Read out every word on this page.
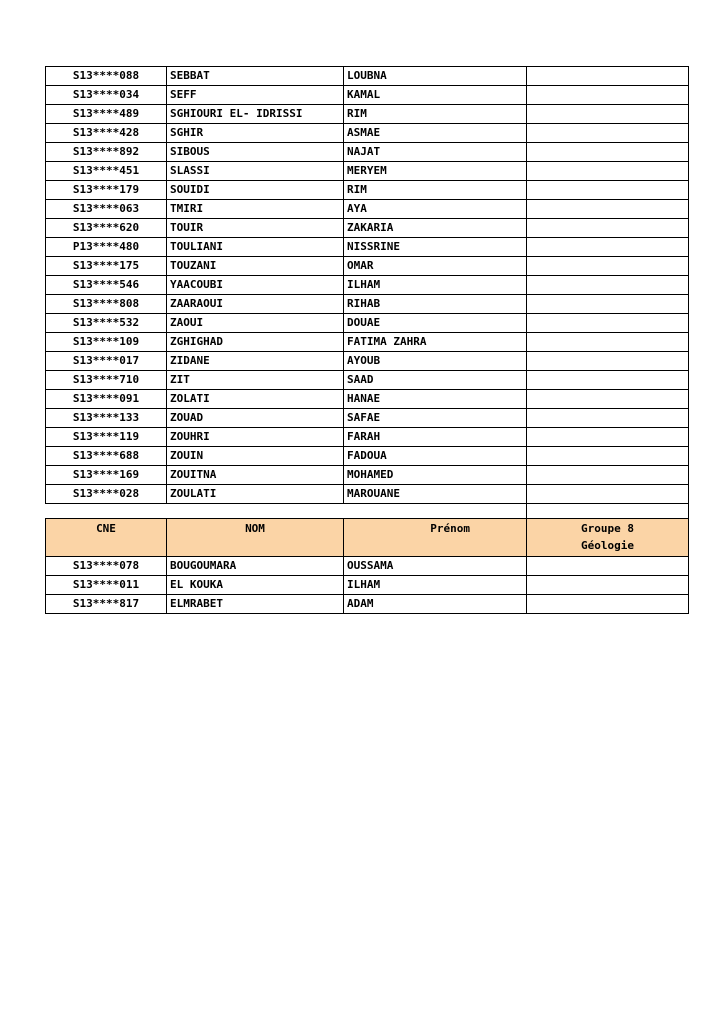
S13****088	SEBBAT	LOUBNA	
S13****034	SEFF	KAMAL	
S13****489	SGHIOURI EL- IDRISSI	RIM	
S13****428	SGHIR	ASMAE	
S13****892	SIBOUS	NAJAT	
S13****451	SLASSI	MERYEM	
S13****179	SOUIDI	RIM	
S13****063	TMIRI	AYA	
S13****620	TOUIR	ZAKARIA	
P13****480	TOULIANI	NISSRINE	
S13****175	TOUZANI	OMAR	
S13****546	YAACOUBI	ILHAM	
S13****808	ZAARAOUI	RIHAB	
S13****532	ZAOUI	DOUAE	
S13****109	ZGHIGHAD	FATIMA ZAHRA	
S13****017	ZIDANE	AYOUB	
S13****710	ZIT	SAAD	
S13****091	ZOLATI	HANAE	
S13****133	ZOUAD	SAFAE	
S13****119	ZOUHRI	FARAH	
S13****688	ZOUIN	FADOUA	
S13****169	ZOUITNA	MOHAMED	
S13****028	ZOULATI	MAROUANE	

CNE	NOM	Prénom	Groupe 8
Géologie

S13****078	BOUGOUMARA	OUSSAMA	
S13****011	EL KOUKA	ILHAM	
S13****817	ELMRABET	ADAM	
